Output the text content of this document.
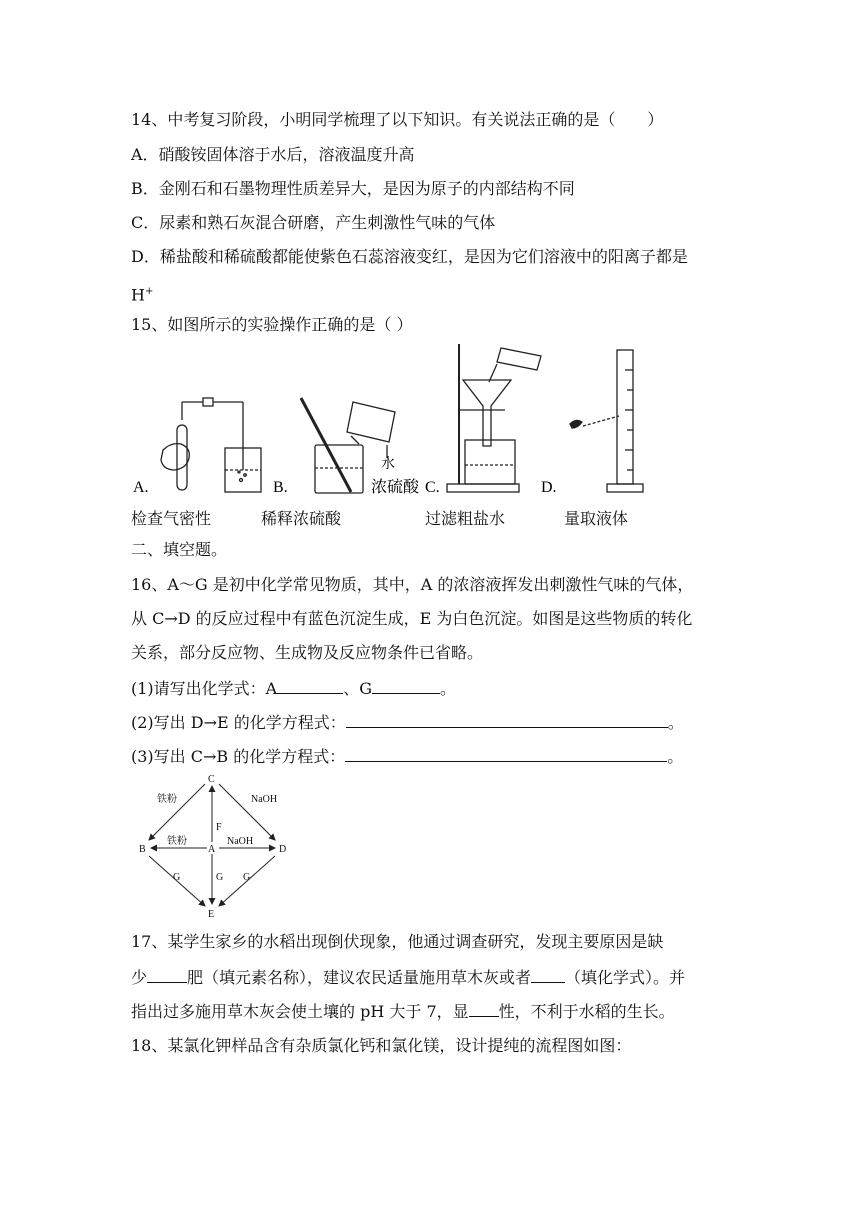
14、中考复习阶段，小明同学梳理了以下知识。有关说法正确的是（　　）
A．硝酸铵固体溶于水后，溶液温度升高
B．金刚石和石墨物理性质差异大，是因为原子的内部结构不同
C．尿素和熟石灰混合研磨，产生刺激性气味的气体
D．稀盐酸和稀硫酸都能使紫色石蕊溶液变红，是因为它们溶液中的阳离子都是
H+
15、如图所示的实验操作正确的是（ ）
A.	B.
水
浓硫酸 C.	D.
检查气密性	稀释浓硫酸	过滤粗盐水	量取液体
二、填空题。
16、A～G 是初中化学常见物质，其中，A 的浓溶液挥发出刺激性气味的气体，
从 C→D 的反应过程中有蓝色沉淀生成，E 为白色沉淀。如图是这些物质的转化
关系，部分反应物、生成物及反应物条件已省略。
(1)请写出化学式：A	、G	。
(2)写出 D→E 的化学方程式：	。
(3)写出 C→B 的化学方程式：	。
C
A
B	D
E
铁粉	NaOH
F
铁粉	NaOH
G	G G
17、某学生家乡的水稻出现倒伏现象，他通过调查研究，发现主要原因是缺
少	肥（填元素名称），建议农民适量施用草木灰或者 （填化学式）。并
指出过多施用草木灰会使土壤的 pH 大于 7，显 性，不利于水稻的生长。
18、某氯化钾样品含有杂质氯化钙和氯化镁，设计提纯的流程图如图：
